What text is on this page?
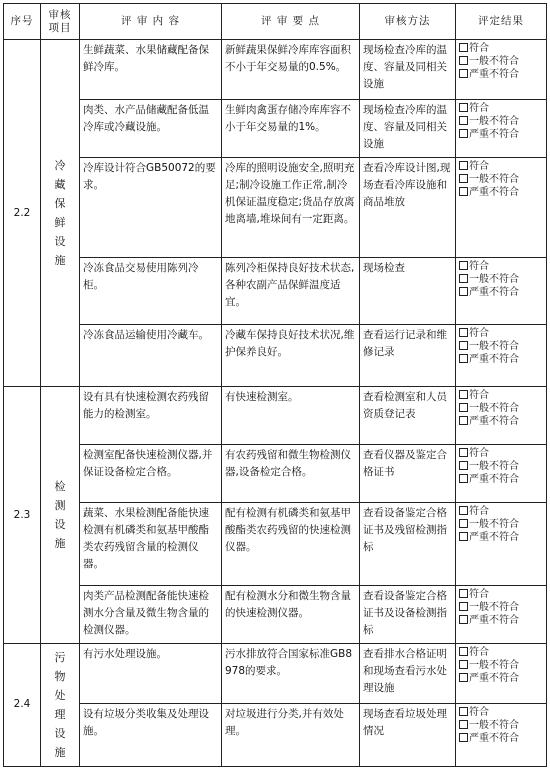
序号	审核项目	评 审 内 容	评 审 要 点	审核方法	评定结果
2.2	冷藏保鲜设施	生鲜蔬菜、水果储藏配备保鲜冷库。	新鲜蔬果保鲜冷库库容面积不小于年交易量的0.5%。	现场检查冷库的温度、容量及同相关设施	符合
一般不符合
严重不符合

		肉类、水产品储藏配备低温冷库或冷藏设施。	生鲜肉禽蛋存储冷库库容不小于年交易量的1%。	现场检查冷库的温度、容量及同相关设施	符合
一般不符合
严重不符合

		冷库设计符合GB50072的要求。	冷库的照明设施安全,照明充足;制冷设施工作正常,制冷机保证温度稳定;货品存放离地离墙,堆垛间有一定距离。	查看冷库设计图,现场查看冷库设施和商品堆放	符合
一般不符合
严重不符合

		冷冻食品交易使用陈列冷柜。	陈列冷柜保持良好技术状态,各种农副产品保鲜温度适宜。	现场检查	符合
一般不符合
严重不符合

		冷冻食品运输使用冷藏车。	冷藏车保持良好技术状况,维护保养良好。	查看运行记录和维修记录	符合
一般不符合
严重不符合

2.3	检测设施	设有具有快速检测农药残留能力的检测室。	有快速检测室。	查看检测室和人员资质登记表	符合
一般不符合
严重不符合

		检测室配备快速检测仪器,并保证设备检定合格。	有农药残留和微生物检测仪器,设备检定合格。	查看仪器及鉴定合格证书	符合
一般不符合
严重不符合

		蔬菜、水果检测配备能快速检测有机磷类和氨基甲酸酯类农药残留含量的检测仪器。	配有检测有机磷类和氨基甲酸酯类农药残留的快速检测仪器。	查看设备鉴定合格证书及残留检测指标	符合
一般不符合
严重不符合

		肉类产品检测配备能快速检测水分含量及微生物含量的检测仪器。	配有检测水分和微生物含量的快速检测仪器。	查看设备鉴定合格证书及设备检测指标	符合
一般不符合
严重不符合

2.4	污物处理设施	有污水处理设施。	污水排放符合国家标准GB8978的要求。	查看排水合格证明和现场查看污水处理设施	符合
一般不符合
严重不符合

		设有垃圾分类收集及处理设施。	对垃圾进行分类,并有效处理。	现场查看垃圾处理情况	符合
一般不符合
严重不符合
